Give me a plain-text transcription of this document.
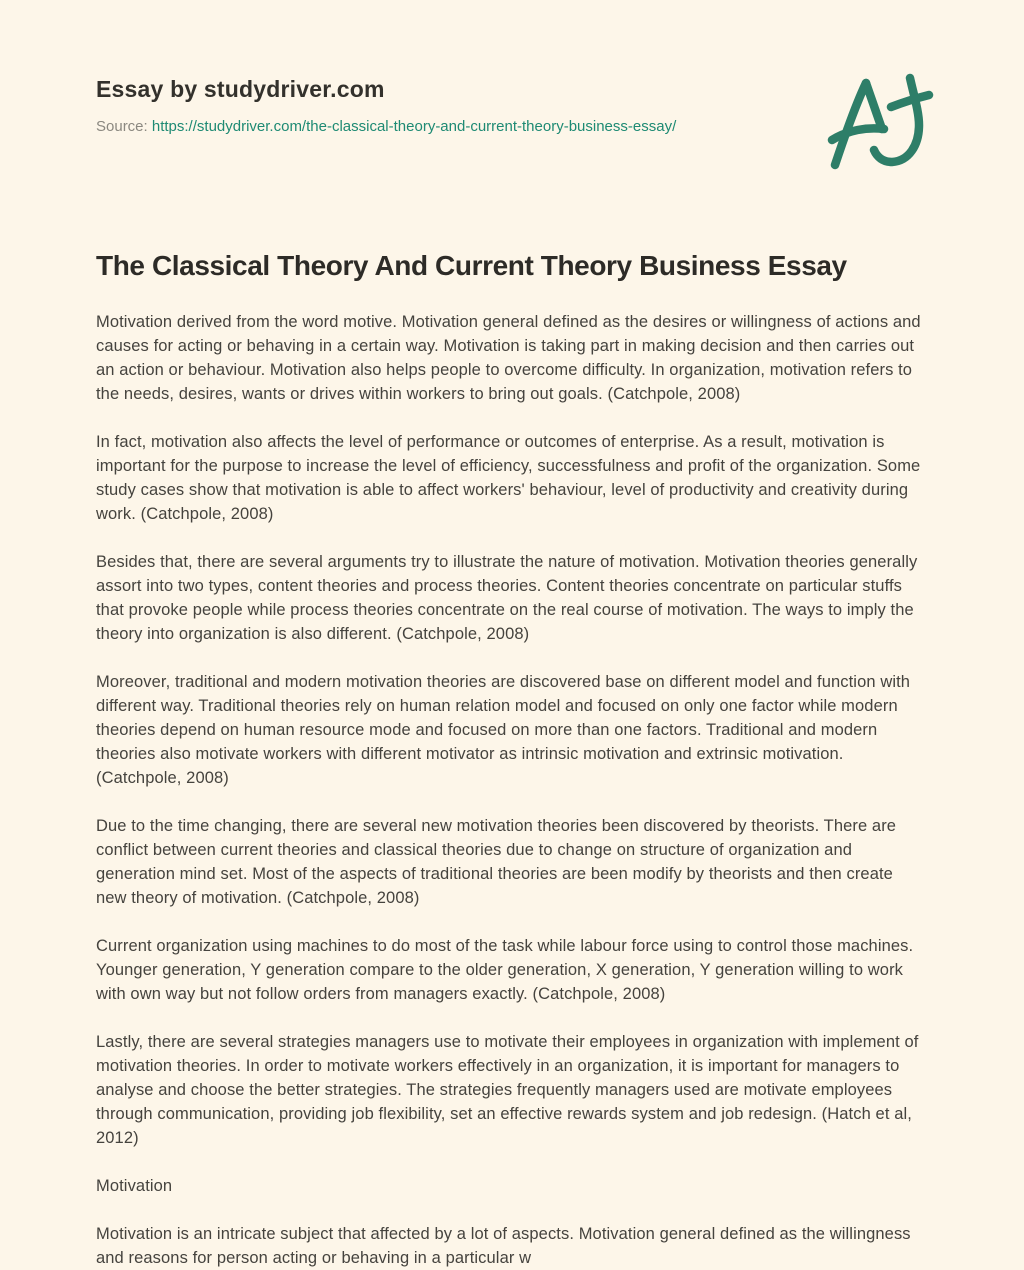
Essay by studydriver.com
Source: https://studydriver.com/the-classical-theory-and-current-theory-business-essay/
The Classical Theory And Current Theory Business Essay

Motivation derived from the word motive. Motivation general defined as the desires or willingness of actions and causes for acting or behaving in a certain way. Motivation is taking part in making decision and then carries out an action or behaviour. Motivation also helps people to overcome difficulty. In organization, motivation refers to the needs, desires, wants or drives within workers to bring out goals. (Catchpole, 2008)

In fact, motivation also affects the level of performance or outcomes of enterprise. As a result, motivation is important for the purpose to increase the level of efficiency, successfulness and profit of the organization. Some study cases show that motivation is able to affect workers' behaviour, level of productivity and creativity during work. (Catchpole, 2008)

Besides that, there are several arguments try to illustrate the nature of motivation. Motivation theories generally assort into two types, content theories and process theories. Content theories concentrate on particular stuffs that provoke people while process theories concentrate on the real course of motivation. The ways to imply the theory into organization is also different. (Catchpole, 2008)

Moreover, traditional and modern motivation theories are discovered base on different model and function with different way. Traditional theories rely on human relation model and focused on only one factor while modern theories depend on human resource mode and focused on more than one factors. Traditional and modern theories also motivate workers with different motivator as intrinsic motivation and extrinsic motivation. (Catchpole, 2008)

Due to the time changing, there are several new motivation theories been discovered by theorists. There are conflict between current theories and classical theories due to change on structure of organization and generation mind set. Most of the aspects of traditional theories are been modify by theorists and then create new theory of motivation. (Catchpole, 2008)

Current organization using machines to do most of the task while labour force using to control those machines. Younger generation, Y generation compare to the older generation, X generation, Y generation willing to work with own way but not follow orders from managers exactly. (Catchpole, 2008)

Lastly, there are several strategies managers use to motivate their employees in organization with implement of motivation theories. In order to motivate workers effectively in an organization, it is important for managers to analyse and choose the better strategies. The strategies frequently managers used are motivate employees through communication, providing job flexibility, set an effective rewards system and job redesign. (Hatch et al, 2012)

Motivation

Motivation is an intricate subject that affected by a lot of aspects. Motivation general defined as the willingness and reasons for person acting or behaving in a particular w
